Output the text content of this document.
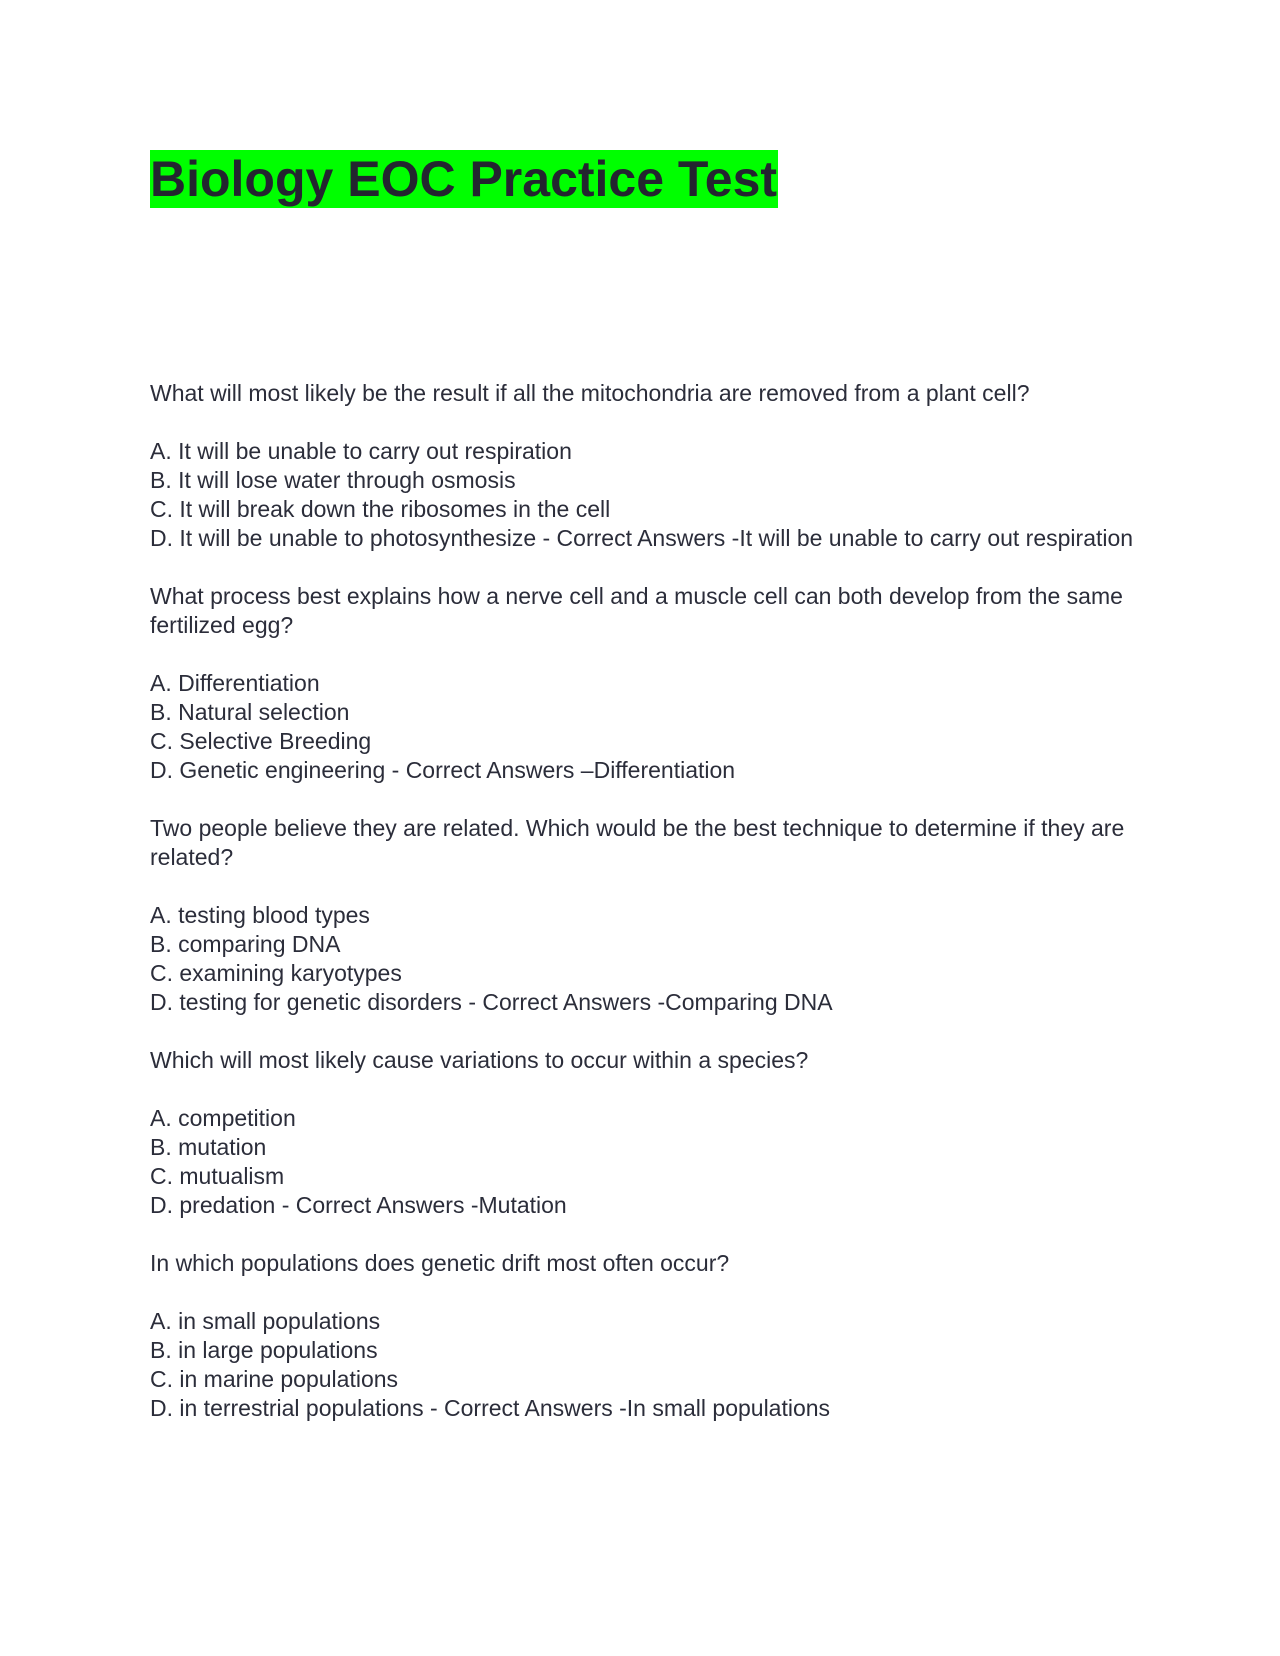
Biology EOC Practice Test
What will most likely be the result if all the mitochondria are removed from a plant cell?
A. It will be unable to carry out respiration
B. It will lose water through osmosis
C. It will break down the ribosomes in the cell
D. It will be unable to photosynthesize - Correct Answers -It will be unable to carry out respiration
What process best explains how a nerve cell and a muscle cell can both develop from the same fertilized egg?
A. Differentiation
B. Natural selection
C. Selective Breeding
D. Genetic engineering - Correct Answers –Differentiation
Two people believe they are related. Which would be the best technique to determine if they are related?
A. testing blood types
B. comparing DNA
C. examining karyotypes
D. testing for genetic disorders - Correct Answers -Comparing DNA
Which will most likely cause variations to occur within a species?
A. competition
B. mutation
C. mutualism
D. predation - Correct Answers -Mutation
In which populations does genetic drift most often occur?
A. in small populations
B. in large populations
C. in marine populations
D. in terrestrial populations - Correct Answers -In small populations
